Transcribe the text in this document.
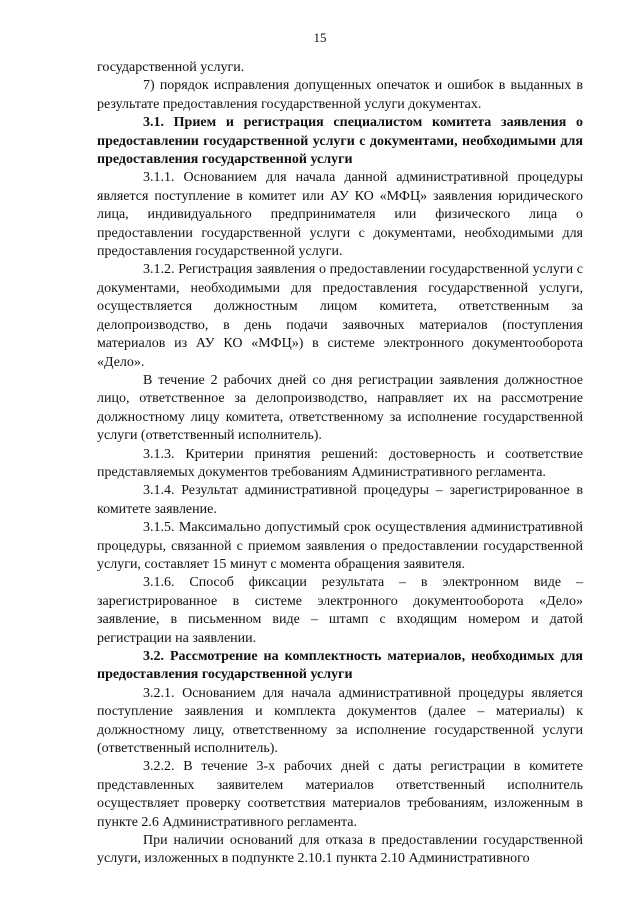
15

государственной услуги.

7) порядок исправления допущенных опечаток и ошибок в выданных в результате предоставления государственной услуги документах.

3.1. Прием и регистрация специалистом комитета заявления о предоставлении государственной услуги с документами, необходимыми для предоставления государственной услуги

3.1.1. Основанием для начала данной административной процедуры является поступление в комитет или АУ КО «МФЦ» заявления юридического лица, индивидуального предпринимателя или физического лица о предоставлении государственной услуги с документами, необходимыми для предоставления государственной услуги.

3.1.2. Регистрация заявления о предоставлении государственной услуги с документами, необходимыми для предоставления государственной услуги, осуществляется должностным лицом комитета, ответственным за делопроизводство, в день подачи заявочных материалов (поступления материалов из АУ КО «МФЦ») в системе электронного документооборота «Дело».

В течение 2 рабочих дней со дня регистрации заявления должностное лицо, ответственное за делопроизводство, направляет их на рассмотрение должностному лицу комитета, ответственному за исполнение государственной услуги (ответственный исполнитель).

3.1.3. Критерии принятия решений: достоверность и соответствие представляемых документов требованиям Административного регламента.

3.1.4. Результат административной процедуры – зарегистрированное в комитете заявление.

3.1.5. Максимально допустимый срок осуществления административной процедуры, связанной с приемом заявления о предоставлении государственной услуги, составляет 15 минут с момента обращения заявителя.

3.1.6. Способ фиксации результата – в электронном виде – зарегистрированное в системе электронного документооборота «Дело» заявление, в письменном виде – штамп с входящим номером и датой регистрации на заявлении.

3.2. Рассмотрение на комплектность материалов, необходимых для предоставления государственной услуги

3.2.1. Основанием для начала административной процедуры является поступление заявления и комплекта документов (далее – материалы) к должностному лицу, ответственному за исполнение государственной услуги (ответственный исполнитель).

3.2.2. В течение 3-х рабочих дней с даты регистрации в комитете представленных заявителем материалов ответственный исполнитель осуществляет проверку соответствия материалов требованиям, изложенным в пункте 2.6 Административного регламента.

При наличии оснований для отказа в предоставлении государственной услуги, изложенных в подпункте 2.10.1 пункта 2.10 Административного
